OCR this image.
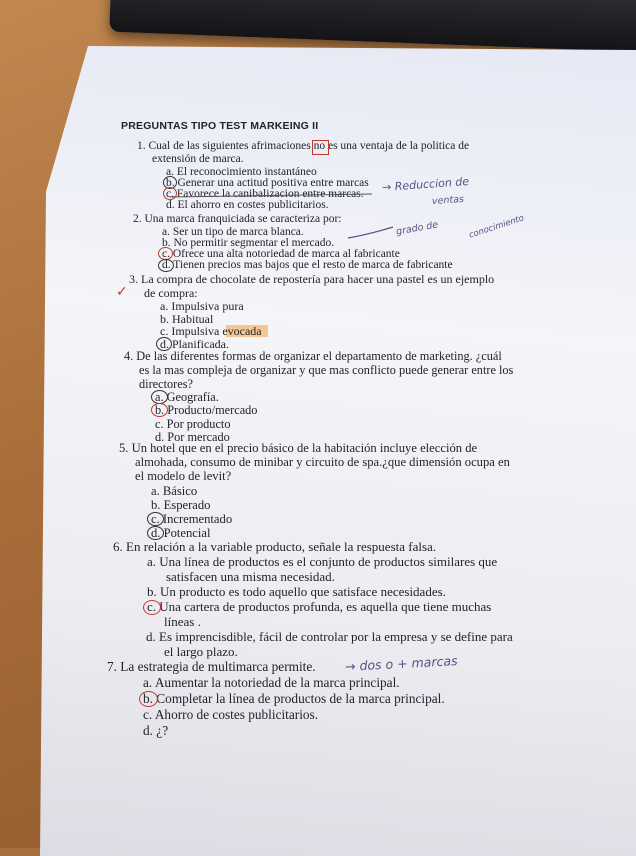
PREGUNTAS TIPO TEST MARKEING II
1. Cual de las siguientes afrimaciones no es una ventaja de la politica de
extensión de marca.
a. El reconocimiento instantáneo
b. Generar una actitud positiva entre marcas
c. Favorece la canibalizacion entre marcas.
d. El ahorro en costes publicitarios.
2. Una marca franquiciada se caracteriza por:
a. Ser un tipo de marca blanca.
b. No permitir segmentar el mercado.
c. Ofrece una alta notoriedad de marca al fabricante
d. Tienen precios mas bajos que el resto de marca de fabricante
3. La compra de chocolate de repostería para hacer una pastel es un ejemplo
de compra:
a. Impulsiva pura
b. Habitual
c. Impulsiva evocada
d. Planificada.
4. De las diferentes formas de organizar el departamento de marketing. ¿cuál
es la mas compleja de organizar y que mas conflicto puede generar entre los
directores?
a. Geografía.
b. Producto/mercado
c. Por producto
d. Por mercado
5. Un hotel que en el precio básico de la habitación incluye elección de
almohada, consumo de minibar y circuito de spa.¿que dimensión ocupa en
el modelo de levit?
a. Básico
b. Esperado
c. Incrementado
d. Potencial
6. En relación a la variable producto, señale la respuesta falsa.
a. Una línea de productos es el conjunto de productos similares que
satisfacen una misma necesidad.
b. Un producto es todo aquello que satisface necesidades.
c. Una cartera de productos profunda, es aquella que tiene muchas
líneas .
d. Es imprencisdible, fácil de controlar por la empresa y se define para
el largo plazo.
7. La estrategia de multimarca permite.
a. Aumentar la notoriedad de la marca principal.
b. Completar la línea de productos de la marca principal.
c. Ahorro de costes publicitarios.
d. ¿?
✓
→ Reduccion de
ventas
grado de	conocimiento
→ dos o + marcas
